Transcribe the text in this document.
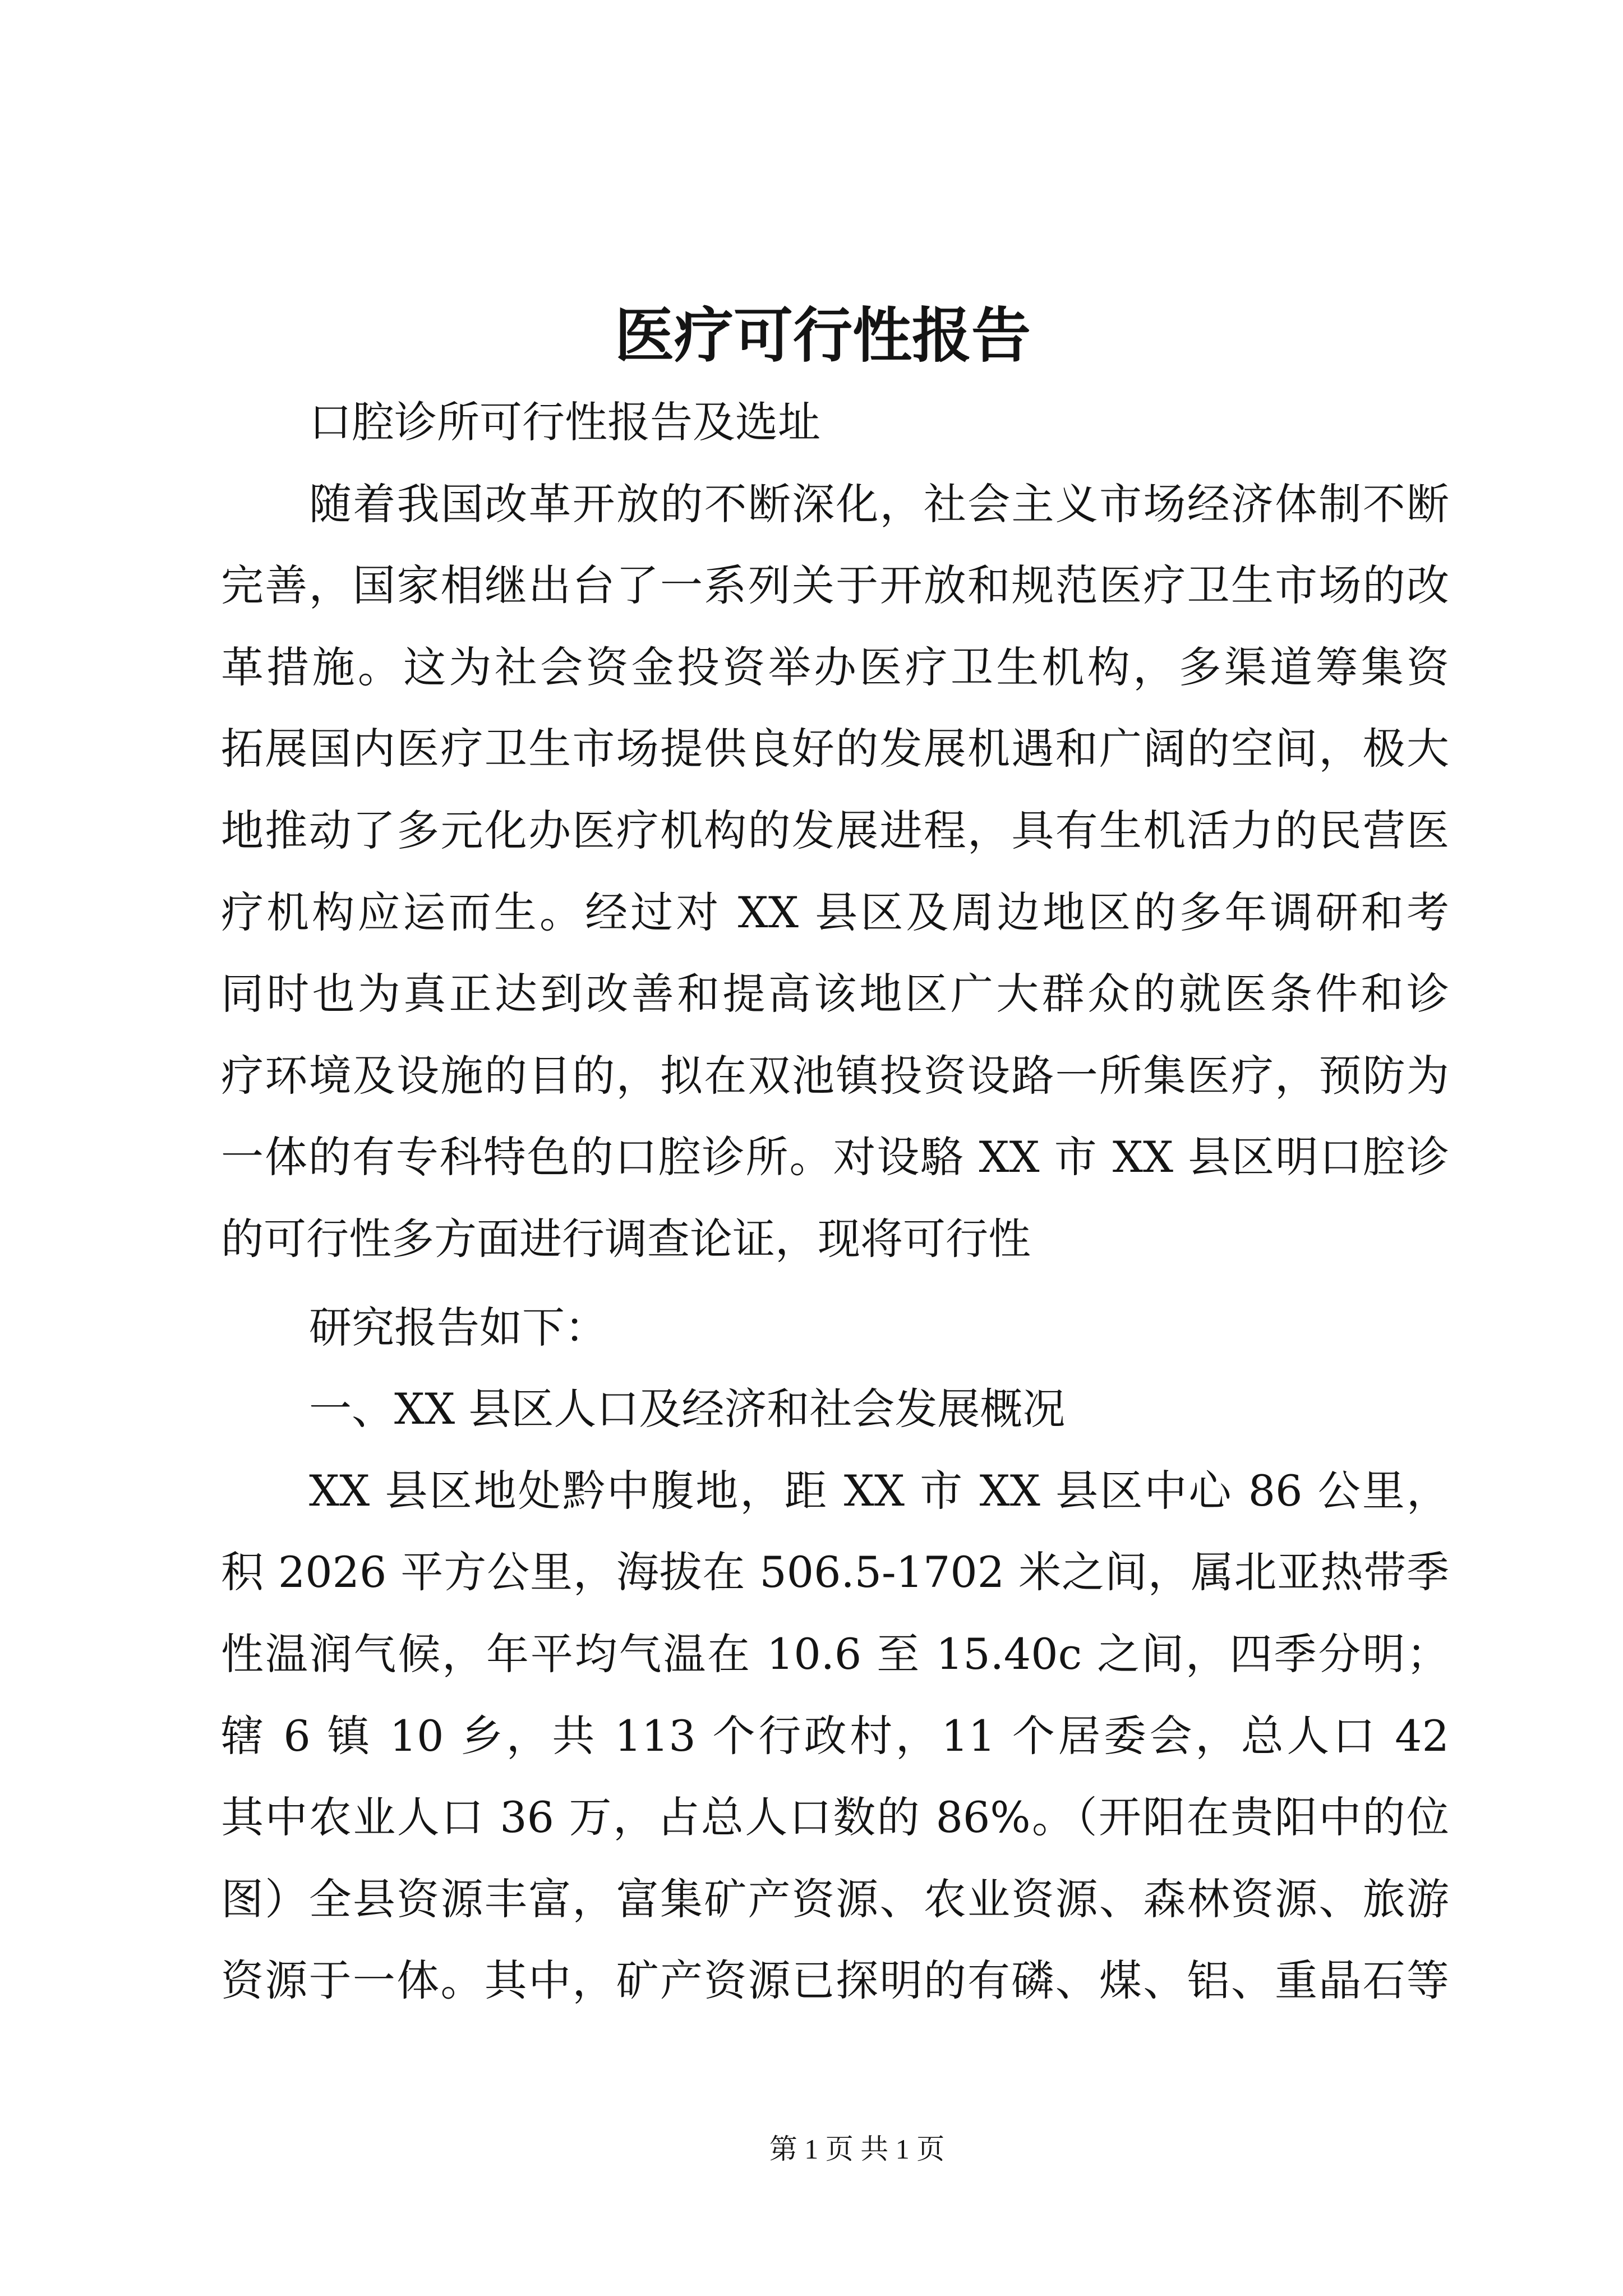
医疗可行性报告
口腔诊所可行性报告及选址
随着我国改革开放的不断深化，社会主义市场经济体制不断
完善，国家相继出台了一系列关于开放和规范医疗卫生市场的改
革措施。这为社会资金投资举办医疗卫生机构，多渠道筹集资
拓展国内医疗卫生市场提供良好的发展机遇和广阔的空间，极大
地推动了多元化办医疗机构的发展进程，具有生机活力的民营医
疗机构应运而生。经过对 XX 县区及周边地区的多年调研和考
同时也为真正达到改善和提高该地区广大群众的就医条件和诊
疗环境及设施的目的，拟在双池镇投资设路一所集医疗，预防为
一体的有专科特色的口腔诊所。对设駱 XX 市 XX 县区明口腔诊
的可行性多方面进行调查论证，现将可行性
研究报告如下：
一、XX 县区人口及经济和社会发展概况
XX 县区地处黔中腹地，距 XX 市 XX 县区中心 86 公里，
积 2026 平方公里，海拔在 506.5-1702 米之间，属北亚热带季
性温润气候，年平均气温在 10.6 至 15.40c 之间，四季分明；
辖 6 镇 10 乡，共 113 个行政村，11 个居委会，总人口 42
其中农业人口 36 万，占总人口数的 86%。（开阳在贵阳中的位
图）全县资源丰富，富集矿产资源、农业资源、森林资源、旅游
资源于一体。其中，矿产资源已探明的有磷、煤、铝、重晶石等
第 1 页 共 1 页
